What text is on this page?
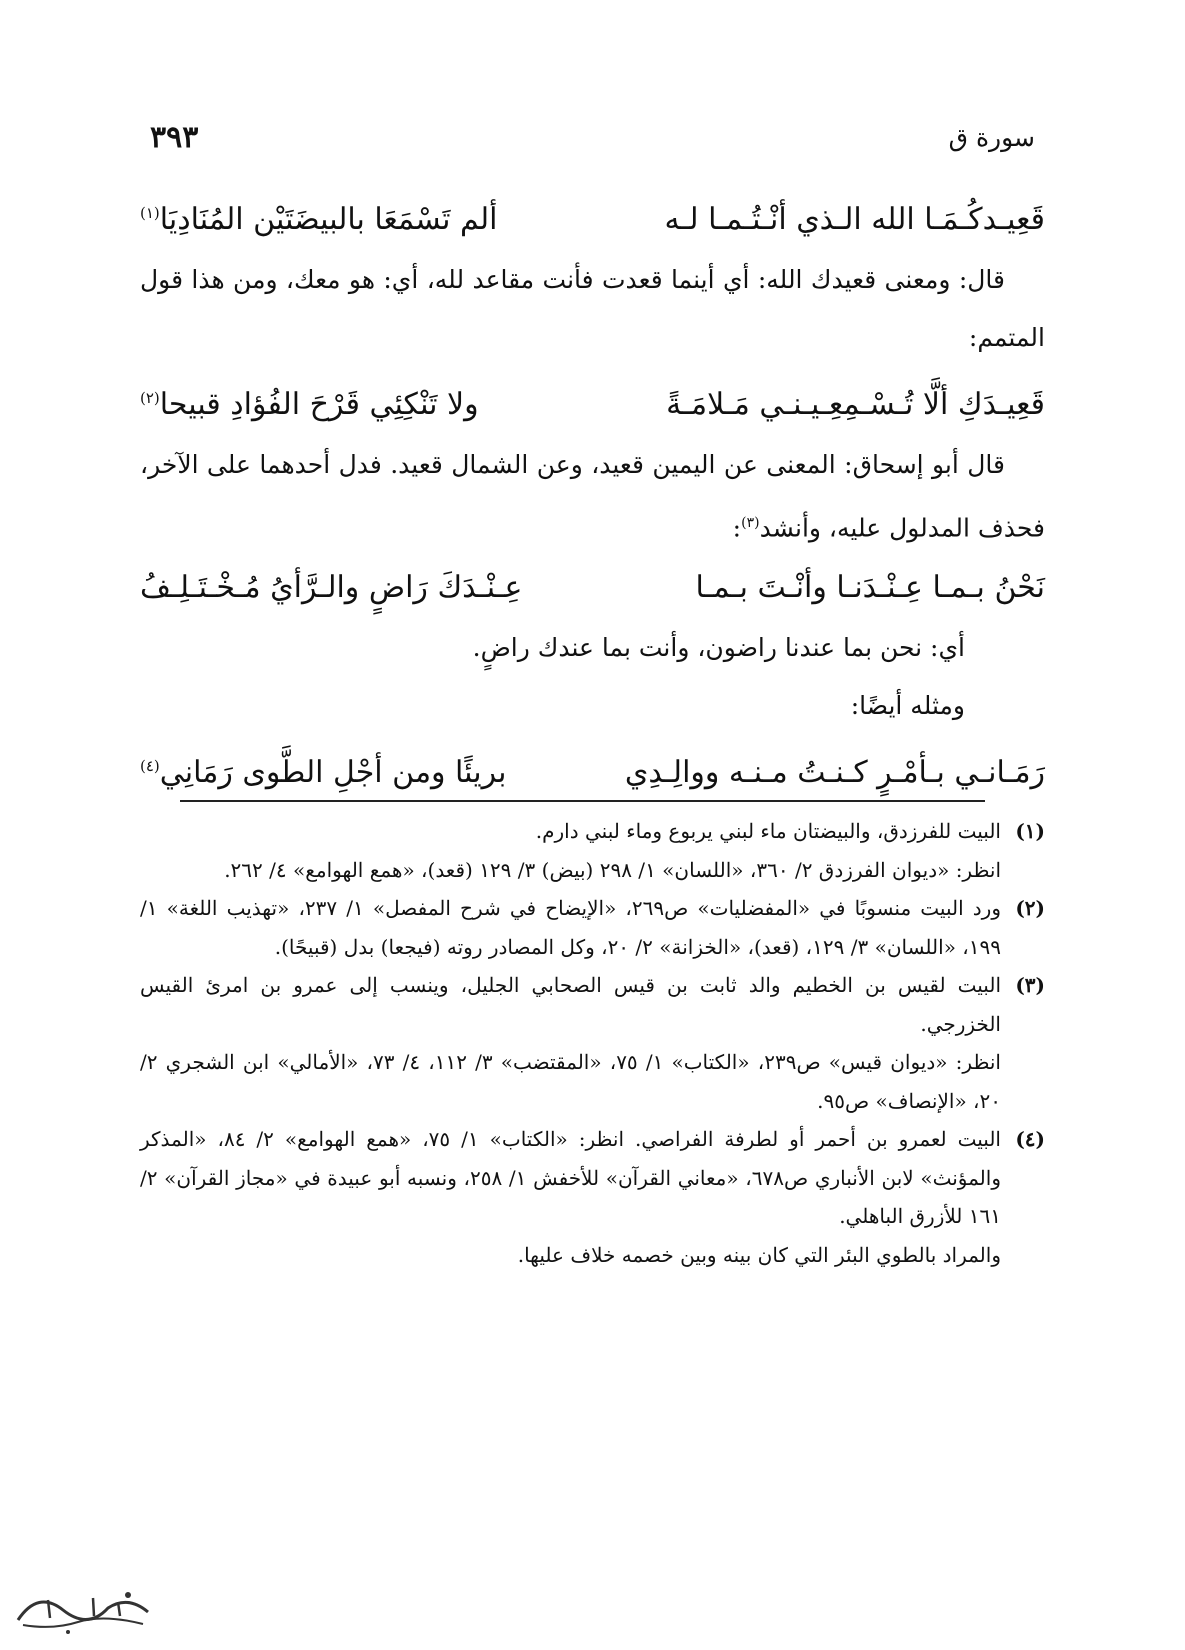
سورة ق
٣٩٣
قَعِيـدكُـمَـا الله الـذي أنْـتُـمـا لـه
ألم تَسْمَعَا بالبيضَتَيْن المُنَادِيَا$^{(١)}$
قال: ومعنى قعيدك الله: أي أينما قعدت فأنت مقاعد لله، أي: هو معك، ومن هذا قول المتمم:
قَعِيـدَكِ ألَّا تُـسْـمِعِـيـنـي مَـلامَـةً
ولا تَنْكِئِي قَرْحَ الفُؤادِ قبيحا$^{(٢)}$
قال أبو إسحاق: المعنى عن اليمين قعيد، وعن الشمال قعيد. فدل أحدهما على الآخر، فحذف المدلول عليه، وأنشد$^{(٣)}$:
نَحْنُ بـمـا عِـنْـدَنـا وأنْـتَ بـمـا
عِـنْـدَكَ رَاضٍ والـرَّأيُ مُـخْـتَـلِـفُ
أي: نحن بما عندنا راضون، وأنت بما عندك راضٍ.
ومثله أيضًا:
رَمَـانـي بـأمْـرٍ كـنـتُ مـنـه ووالِـدِي
بريئًا ومن أجْلِ الطَّوى رَمَانِي$^{(٤)}$
(١)
البيت للفرزدق، والبيضتان ماء لبني يربوع وماء لبني دارم.
انظر: «ديوان الفرزدق ٢/ ٣٦٠، «اللسان» ١/ ٢٩٨ (بيض) ٣/ ١٢٩ (قعد)، «همع الهوامع» ٤/ ٢٦٢.
(٢)
ورد البيت منسوبًا في «المفضليات» ص٢٦٩، «الإيضاح في شرح المفصل» ١/ ٢٣٧، «تهذيب اللغة» ١/ ١٩٩، «اللسان» ٣/ ١٢٩، (قعد)، «الخزانة» ٢/ ٢٠، وكل المصادر روته (فيجعا) بدل (قبيحًا).
(٣)
البيت لقيس بن الخطيم والد ثابت بن قيس الصحابي الجليل، وينسب إلى عمرو بن امرئ القيس الخزرجي.
انظر: «ديوان قيس» ص٢٣٩، «الكتاب» ١/ ٧٥، «المقتضب» ٣/ ١١٢، ٤/ ٧٣، «الأمالي» ابن الشجري ٢/ ٢٠، «الإنصاف» ص٩٥.
(٤)
البيت لعمرو بن أحمر أو لطرفة الفراصي. انظر: «الكتاب» ١/ ٧٥، «همع الهوامع» ٢/ ٨٤، «المذكر والمؤنث» لابن الأنباري ص٦٧٨، «معاني القرآن» للأخفش ١/ ٢٥٨، ونسبه أبو عبيدة في «مجاز القرآن» ٢/ ١٦١ للأزرق الباهلي.
والمراد بالطوي البئر التي كان بينه وبين خصمه خلاف عليها.
